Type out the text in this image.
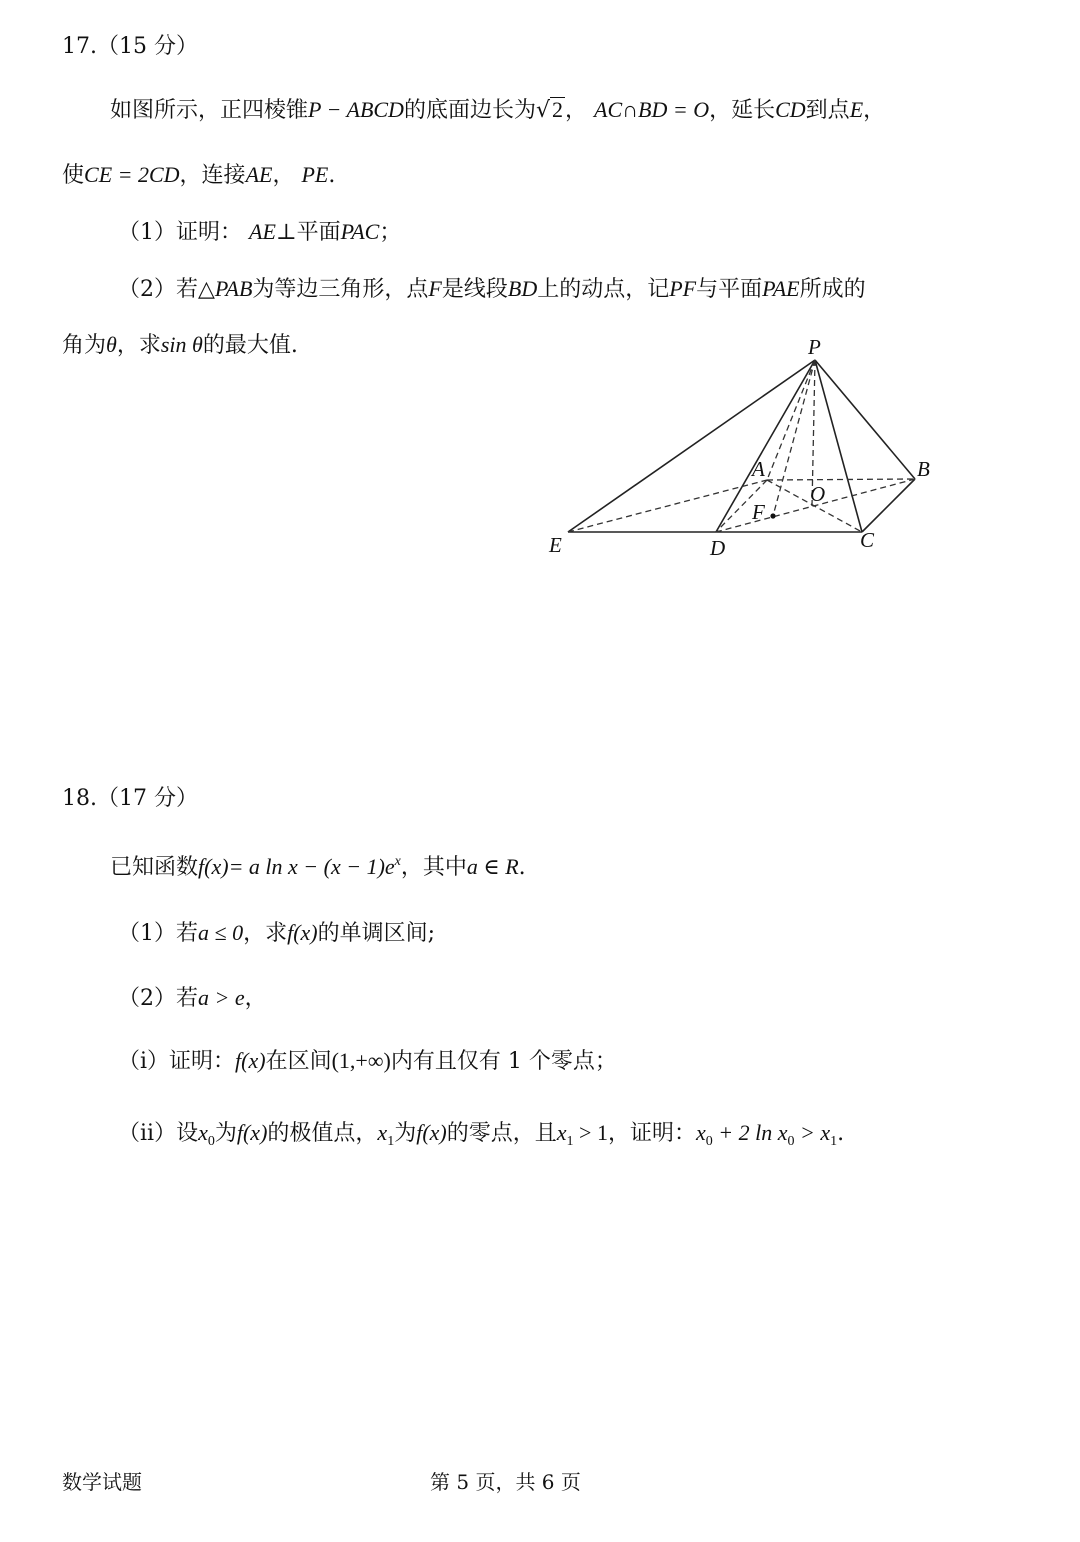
17.（15 分）
如图所示，正四棱锥P − ABCD的底面边长为√2， AC∩BD = O，延长CD到点E，
使CE = 2CD，连接AE， PE.
（1）证明： AE⊥平面PAC；
（2）若△PAB为等边三角形，点F是线段BD上的动点，记PF与平面PAE所成的
角为θ，求sin θ的最大值.	P
A	B
O
F
E	D	C
18.（17 分）
已知函数f(x)= a $\ln x - (x - 1)e^x$，其中a ∈ R.
（1）若a ≤ 0，求f(x)的单调区间;
（2）若a > e，
（i）证明：f(x)在区间(1,+∞)内有且仅有 1 个零点；
（ii）设$x_0$为f(x)的极值点，$x_1$为f(x)的零点，且$x_1 > 1$，证明：$x_0 + 2$ $\ln x_0 > x_1$.
数学试题	第 5 页，共 6 页
